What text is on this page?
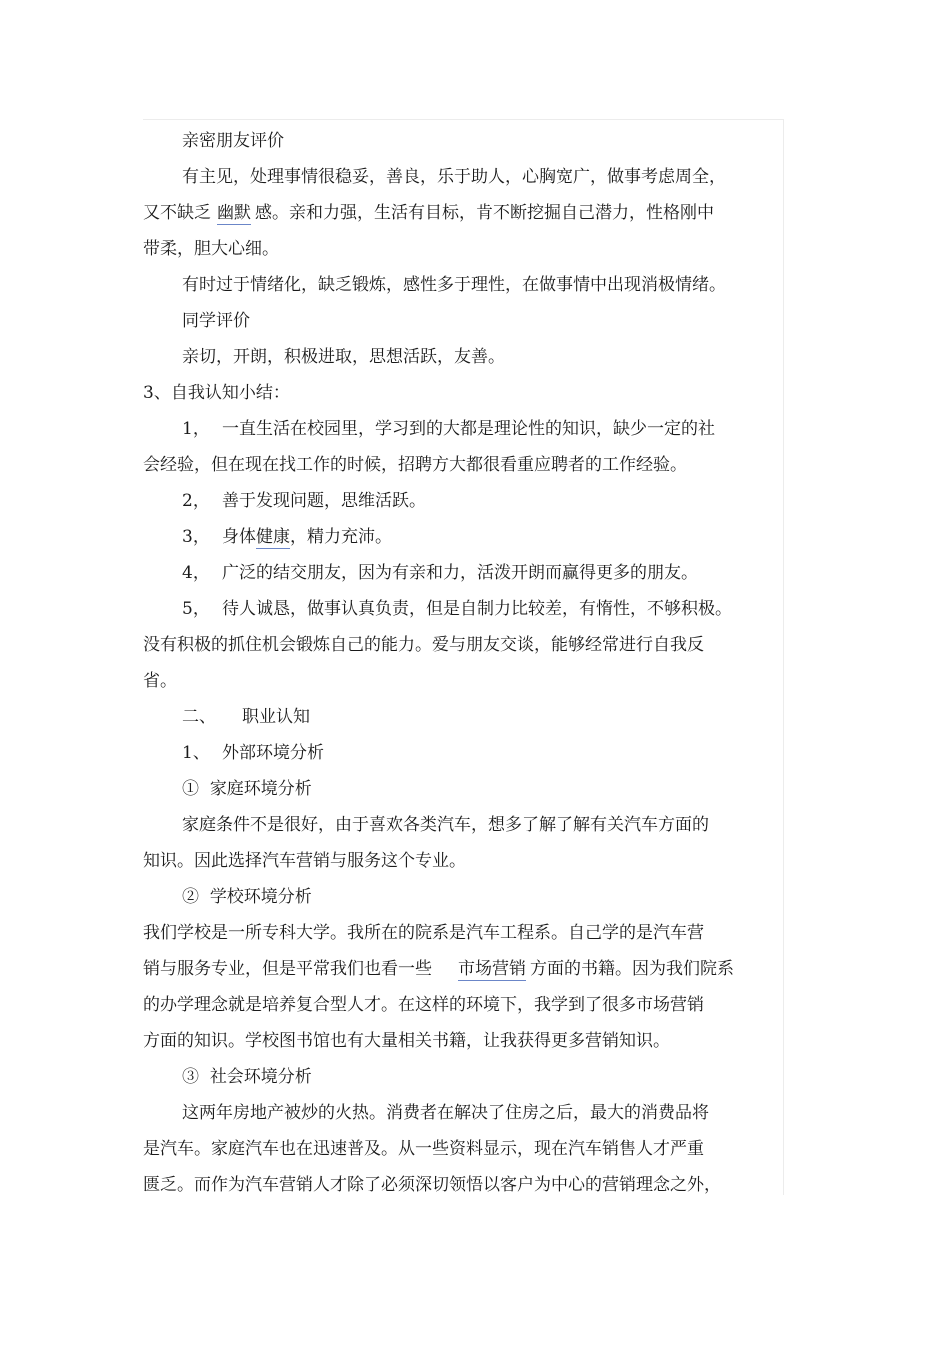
亲密朋友评价
有主见，处理事情很稳妥，善良，乐于助人，心胸宽广，做事考虑周全，
又不缺乏 幽默 感。亲和力强，生活有目标，肯不断挖掘自己潜力，性格刚中
带柔，胆大心细。
有时过于情绪化，缺乏锻炼，感性多于理性，在做事情中出现消极情绪。
同学评价
亲切，开朗，积极进取，思想活跃，友善。
3、自我认知小结：
1， 一直生活在校园里，学习到的大都是理论性的知识，缺少一定的社
会经验，但在现在找工作的时候，招聘方大都很看重应聘者的工作经验。
2， 善于发现问题，思维活跃。
3， 身体健康，精力充沛。
4， 广泛的结交朋友，因为有亲和力，活泼开朗而赢得更多的朋友。
5， 待人诚恳，做事认真负责，但是自制力比较差，有惰性，不够积极。
没有积极的抓住机会锻炼自己的能力。爱与朋友交谈，能够经常进行自我反
省。
二、 职业认知
1、 外部环境分析
① 家庭环境分析
家庭条件不是很好，由于喜欢各类汽车，想多了解了解有关汽车方面的
知识。因此选择汽车营销与服务这个专业。
② 学校环境分析
我们学校是一所专科大学。我所在的院系是汽车工程系。自己学的是汽车营
销与服务专业，但是平常我们也看一些 市场营销 方面的书籍。因为我们院系
的办学理念就是培养复合型人才。在这样的环境下，我学到了很多市场营销
方面的知识。学校图书馆也有大量相关书籍，让我获得更多营销知识。
③ 社会环境分析
这两年房地产被炒的火热。消费者在解决了住房之后，最大的消费品将
是汽车。家庭汽车也在迅速普及。从一些资料显示，现在汽车销售人才严重
匮乏。而作为汽车营销人才除了必须深切领悟以客户为中心的营销理念之外，
